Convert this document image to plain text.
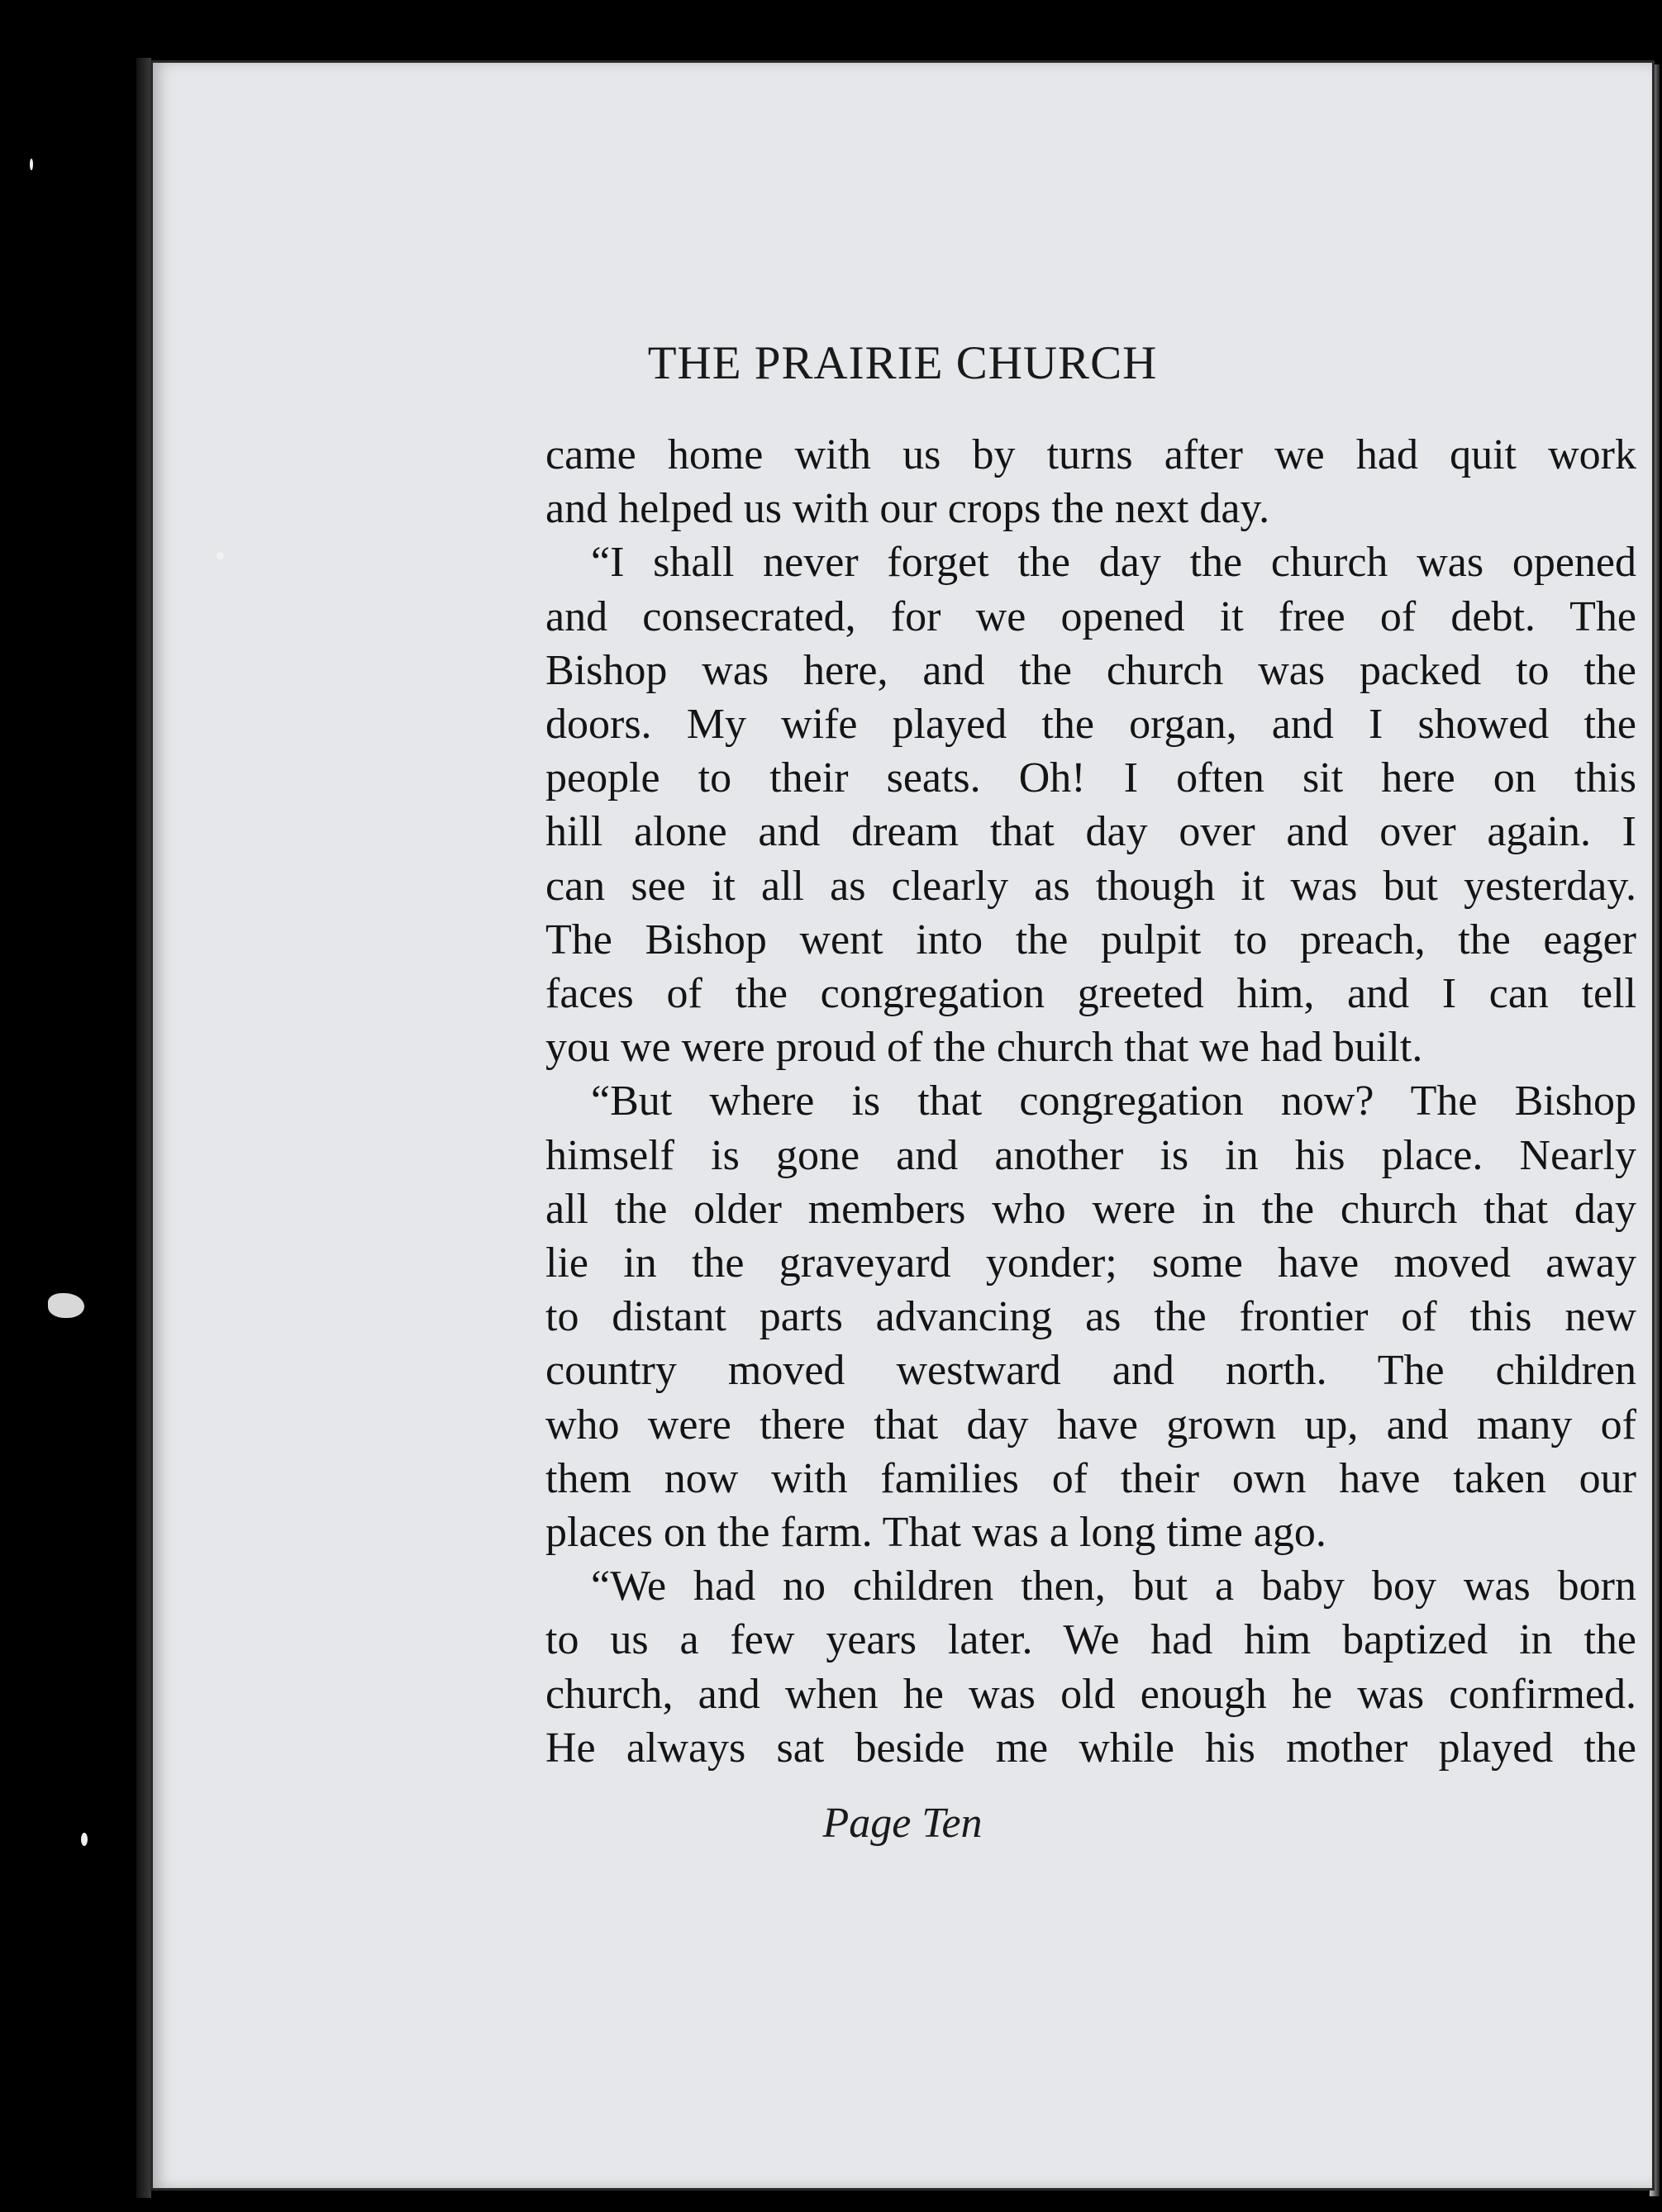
THE PRAIRIE CHURCH

came home with us by turns after we had quit work
and helped us with our crops the next day.

“I shall never forget the day the church was opened
and consecrated, for we opened it free of debt. The
Bishop was here, and the church was packed to the
doors. My wife played the organ, and I showed the
people to their seats. Oh! I often sit here on this
hill alone and dream that day over and over again. I
can see it all as clearly as though it was but yesterday.
The Bishop went into the pulpit to preach, the eager
faces of the congregation greeted him, and I can tell
you we were proud of the church that we had built.

“But where is that congregation now? The Bishop
himself is gone and another is in his place. Nearly
all the older members who were in the church that day
lie in the graveyard yonder; some have moved away
to distant parts advancing as the frontier of this new
country moved westward and north. The children
who were there that day have grown up, and many of
them now with families of their own have taken our
places on the farm. That was a long time ago.

“We had no children then, but a baby boy was born
to us a few years later. We had him baptized in the
church, and when he was old enough he was confirmed.
He always sat beside me while his mother played the

Page Ten
